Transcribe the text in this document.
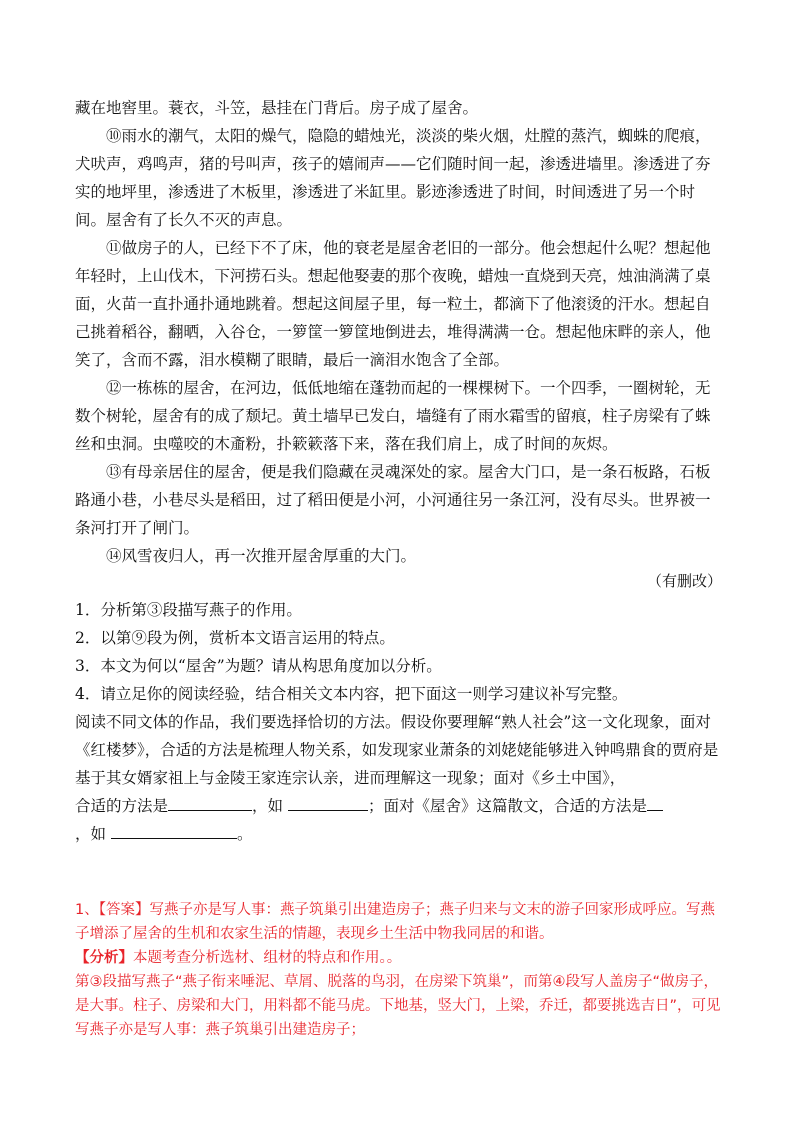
藏在地窖里。蓑衣，斗笠，悬挂在门背后。房子成了屋舍。
⑩雨水的潮气，太阳的燥气，隐隐的蜡烛光，淡淡的柴火烟，灶膛的蒸汽，蜘蛛的爬痕，犬吠声，鸡鸣声，猪的号叫声，孩子的嬉闹声——它们随时间一起，渗透进墙里。渗透进了夯实的地坪里，渗透进了木板里，渗透进了米缸里。影迹渗透进了时间，时间透进了另一个时间。屋舍有了长久不灭的声息。
⑪做房子的人，已经下不了床，他的衰老是屋舍老旧的一部分。他会想起什么呢？想起他年轻时，上山伐木，下河捞石头。想起他娶妻的那个夜晚，蜡烛一直烧到天亮，烛油淌满了桌面，火苗一直扑通扑通地跳着。想起这间屋子里，每一粒土，都滴下了他滚烫的汗水。想起自己挑着稻谷，翻晒，入谷仓，一箩筐一箩筐地倒进去，堆得满满一仓。想起他床畔的亲人，他笑了，含而不露，泪水模糊了眼睛，最后一滴泪水饱含了全部。
⑫一栋栋的屋舍，在河边，低低地缩在蓬勃而起的一棵棵树下。一个四季，一圈树轮，无数个树轮，屋舍有的成了颓圮。黄土墙早已发白，墙缝有了雨水霜雪的留痕，柱子房梁有了蛛丝和虫洞。虫噬咬的木齑粉，扑簌簌落下来，落在我们肩上，成了时间的灰烬。
⑬有母亲居住的屋舍，便是我们隐藏在灵魂深处的家。屋舍大门口，是一条石板路，石板路通小巷，小巷尽头是稻田，过了稻田便是小河，小河通往另一条江河，没有尽头。世界被一条河打开了闸门。
⑭风雪夜归人，再一次推开屋舍厚重的大门。
（有删改）
1．分析第③段描写燕子的作用。
2．以第⑨段为例，赏析本文语言运用的特点。
3．本文为何以“屋舍”为题？请从构思角度加以分析。
4．请立足你的阅读经验，结合相关文本内容，把下面这一则学习建议补写完整。
阅读不同文体的作品，我们要选择恰切的方法。假设你要理解“熟人社会”这一文化现象，面对《红楼梦》，合适的方法是梳理人物关系，如发现家业萧条的刘姥姥能够进入钟鸣鼎食的贾府是基于其女婿家祖上与金陵王家连宗认亲，进而理解这一现象；面对《乡土中国》，
合适的方法是	，如	；面对《屋舍》这篇散文，合适的方法是
，如	。
1、【答案】写燕子亦是写人事：燕子筑巢引出建造房子；燕子归来与文末的游子回家形成呼应。写燕子增添了屋舍的生机和农家生活的情趣，表现乡土生活中物我同居的和谐。
【分析】本题考查分析选材、组材的特点和作用。。
第③段描写燕子“燕子衔来唾泥、草屑、脱落的鸟羽，在房梁下筑巢”，而第④段写人盖房子“做房子，是大事。柱子、房梁和大门，用料都不能马虎。下地基，竖大门，上梁，乔迁，都要挑选吉日”，可见写燕子亦是写人事：燕子筑巢引出建造房子；
